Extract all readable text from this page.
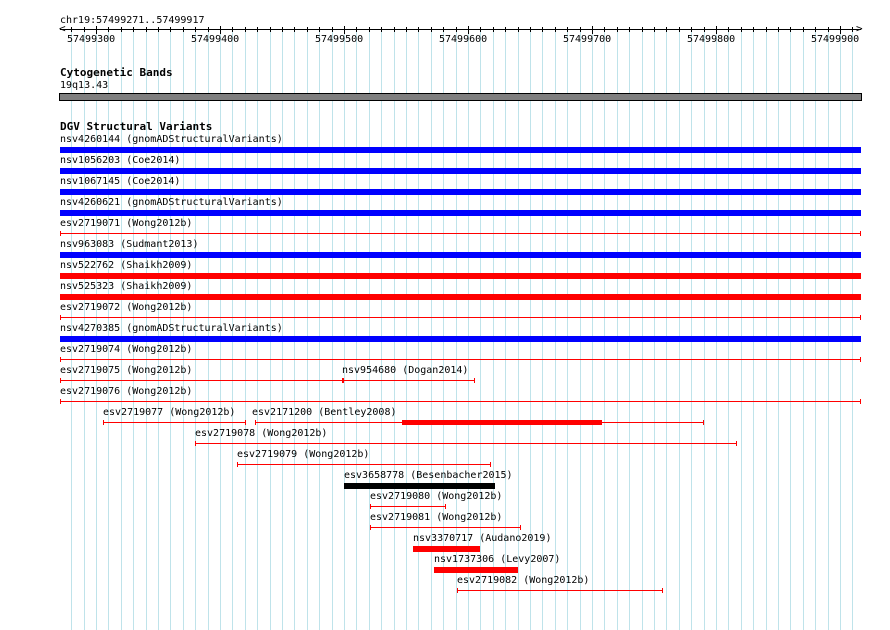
chr19:57499271..57499917
57499300	57499400	57499500	57499600	57499700	57499800	57499900
<	>
Cytogenetic Bands
19q13.43
DGV Structural Variants
nsv4260144 (gnomADStructuralVariants)
nsv1056203 (Coe2014)
nsv1067145 (Coe2014)
nsv4260621 (gnomADStructuralVariants)
esv2719071 (Wong2012b)
nsv963083 (Sudmant2013)
nsv522762 (Shaikh2009)
nsv525323 (Shaikh2009)
esv2719072 (Wong2012b)
nsv4270385 (gnomADStructuralVariants)
esv2719074 (Wong2012b)
esv2719075 (Wong2012b)	nsv954680 (Dogan2014)
esv2719076 (Wong2012b)
esv2719077 (Wong2012b) esv2171200 (Bentley2008)
esv2719078 (Wong2012b)
esv2719079 (Wong2012b)
esv3658778 (Besenbacher2015)
esv2719080 (Wong2012b)
esv2719081 (Wong2012b)
nsv3370717 (Audano2019)
nsv1737306 (Levy2007)
esv2719082 (Wong2012b)
